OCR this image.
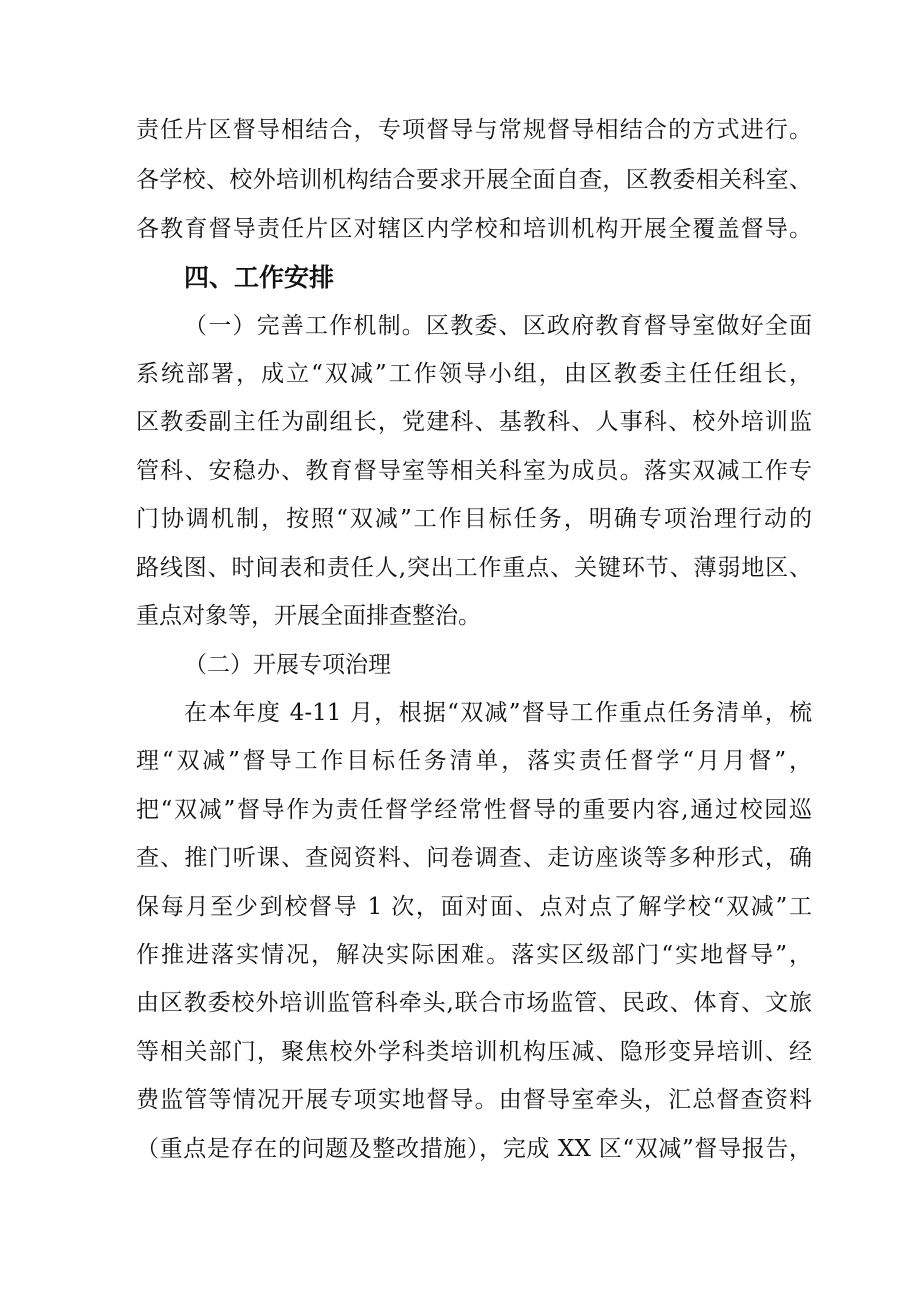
责任片区督导相结合，专项督导与常规督导相结合的方式进行。
各学校、校外培训机构结合要求开展全面自查，区教委相关科室、
各教育督导责任片区对辖区内学校和培训机构开展全覆盖督导。
四、工作安排
（一）完善工作机制。区教委、区政府教育督导室做好全面
系统部署，成立“双减”工作领导小组，由区教委主任任组长，
区教委副主任为副组长，党建科、基教科、人事科、校外培训监
管科、安稳办、教育督导室等相关科室为成员。落实双减工作专
门协调机制，按照“双减”工作目标任务，明确专项治理行动的
路线图、时间表和责任人,突出工作重点、关键环节、薄弱地区、
重点对象等，开展全面排查整治。
（二）开展专项治理
在本年度 4-11 月，根据“双减”督导工作重点任务清单，梳
理“双减”督导工作目标任务清单，落实责任督学“月月督”，
把“双减”督导作为责任督学经常性督导的重要内容,通过校园巡
查、推门听课、查阅资料、问卷调查、走访座谈等多种形式，确
保每月至少到校督导 1 次，面对面、点对点了解学校“双减”工
作推进落实情况，解决实际困难。落实区级部门“实地督导”，
由区教委校外培训监管科牵头,联合市场监管、民政、体育、文旅
等相关部门，聚焦校外学科类培训机构压减、隐形变异培训、经
费监管等情况开展专项实地督导。由督导室牵头，汇总督查资料
（重点是存在的问题及整改措施），完成 XX 区“双减”督导报告，
